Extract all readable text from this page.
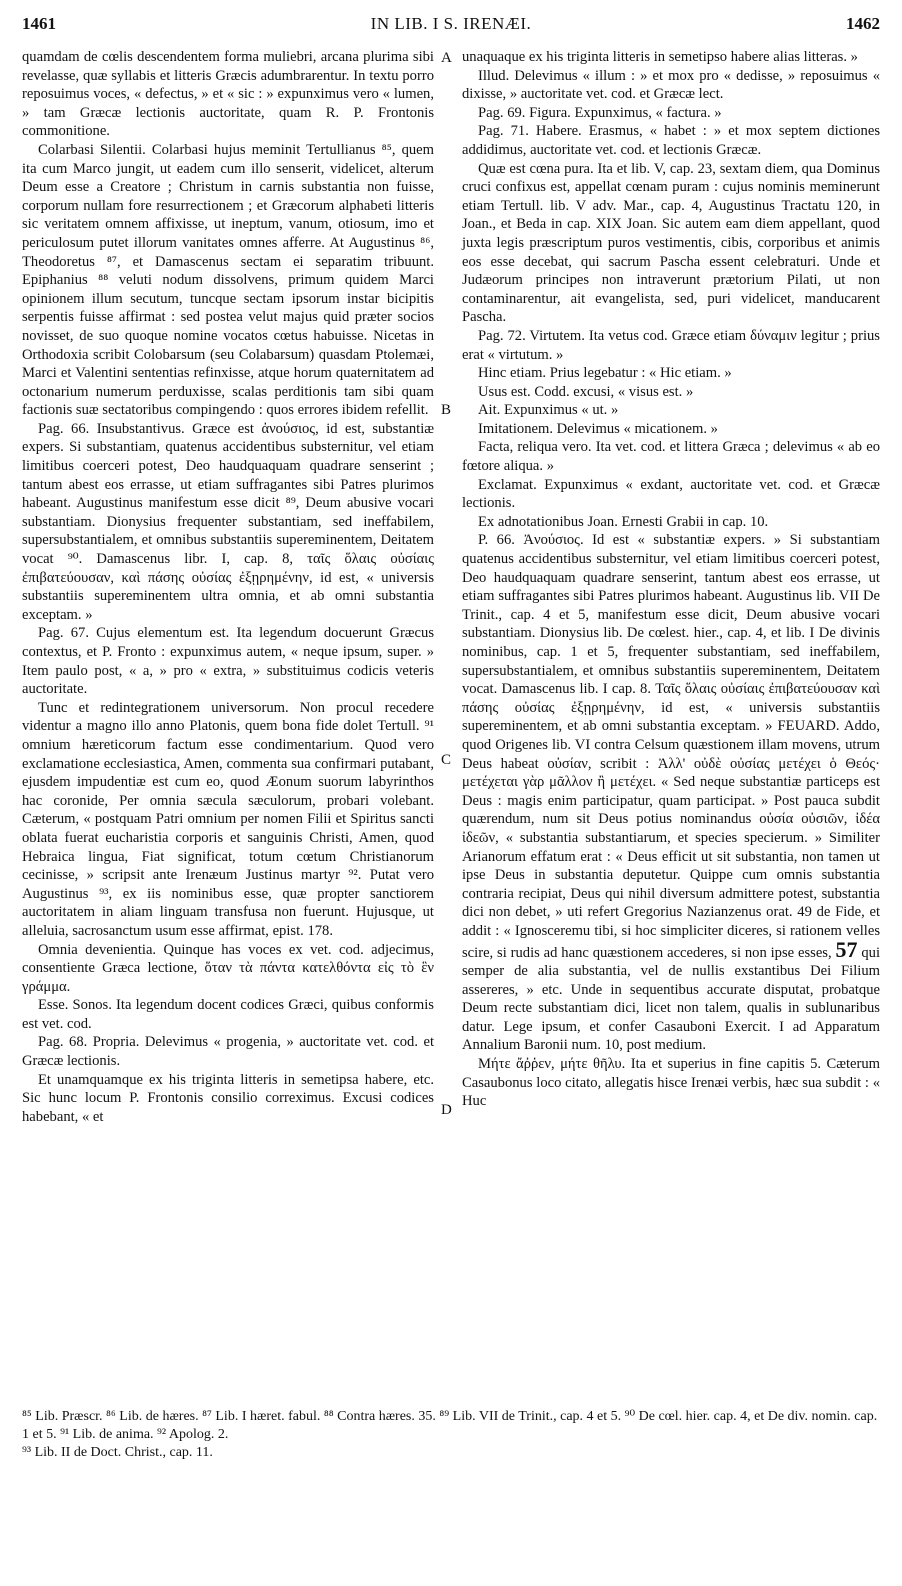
1461	IN LIB. I S. IRENÆI.	1462
A
B
C
D

quamdam de cœlis descendentem forma muliebri, arcana plurima sibi revelasse, quæ syllabis et litteris Græcis adumbrarentur. In textu porro reposuimus voces, « defectus, » et « sic : » expunximus vero « lumen, » tam Græcæ lectionis auctoritate, quam R. P. Frontonis commonitione.

Colarbasi Silentii. Colarbasi hujus meminit Tertullianus ⁸⁵, quem ita cum Marco jungit, ut eadem cum illo senserit, videlicet, alterum Deum esse a Creatore ; Christum in carnis substantia non fuisse, corporum nullam fore resurrectionem ; et Græcorum alphabeti litteris sic veritatem omnem affixisse, ut ineptum, vanum, otiosum, imo et periculosum putet illorum vanitates omnes afferre. At Augustinus ⁸⁶, Theodoretus ⁸⁷, et Damascenus sectam ei separatim tribuunt. Epiphanius ⁸⁸ veluti nodum dissolvens, primum quidem Marci opinionem illum secutum, tuncque sectam ipsorum instar bicipitis serpentis fuisse affirmat : sed postea velut majus quid præter socios novisset, de suo quoque nomine vocatos cœtus habuisse. Nicetas in Orthodoxia scribit Colobarsum (seu Colabarsum) quasdam Ptolemæi, Marci et Valentini sententias refinxisse, atque horum quaternitatem ad octonarium numerum perduxisse, scalas perditionis tam sibi quam factionis suæ sectatoribus compingendo : quos errores ibidem refellit.

Pag. 66. Insubstantivus. Græce est ἀνούσιος, id est, substantiæ expers. Si substantiam, quatenus accidentibus substernitur, vel etiam limitibus coerceri potest, Deo haudquaquam quadrare senserint ; tantum abest eos errasse, ut etiam suffragantes sibi Patres plurimos habeant. Augustinus manifestum esse dicit ⁸⁹, Deum abusive vocari substantiam. Dionysius frequenter substantiam, sed ineffabilem, supersubstantialem, et omnibus substantiis supereminentem, Deitatem vocat ⁹⁰. Damascenus libr. I, cap. 8, ταῖς ὅλαις οὐσίαις ἐπιβατεύουσαν, καὶ πάσης οὐσίας ἐξῃρημένην, id est, « universis substantiis supereminentem ultra omnia, et ab omni substantia exceptam. »

Pag. 67. Cujus elementum est. Ita legendum docuerunt Græcus contextus, et P. Fronto : expunximus autem, « neque ipsum, super. » Item paulo post, « a, » pro « extra, » substituimus codicis veteris auctoritate.

Tunc et redintegrationem universorum. Non procul recedere videntur a magno illo anno Platonis, quem bona fide dolet Tertull. ⁹¹ omnium hæreticorum factum esse condimentarium. Quod vero exclamatione ecclesiastica, Amen, commenta sua confirmari putabant, ejusdem impudentiæ est cum eo, quod Æonum suorum labyrinthos hac coronide, Per omnia sæcula sæculorum, probari volebant. Cæterum, « postquam Patri omnium per nomen Filii et Spiritus sancti oblata fuerat eucharistia corporis et sanguinis Christi, Amen, quod Hebraica lingua, Fiat significat, totum cœtum Christianorum cecinisse, » scripsit ante Irenæum Justinus martyr ⁹². Putat vero Augustinus ⁹³, ex iis nominibus esse, quæ propter sanctiorem auctoritatem in aliam linguam transfusa non fuerunt. Hujusque, ut alleluia, sacrosanctum usum esse affirmat, epist. 178.

Omnia devenientia. Quinque has voces ex vet. cod. adjecimus, consentiente Græca lectione, ὅταν τὰ πάντα κατελθόντα εἰς τὸ ἓν γράμμα.

Esse. Sonos. Ita legendum docent codices Græci, quibus conformis est vet. cod.

Pag. 68. Propria. Delevimus « progenia, » auctoritate vet. cod. et Græcæ lectionis.

Et unamquamque ex his triginta litteris in semetipsa habere, etc. Sic hunc locum P. Frontonis consilio correximus. Excusi codices habebant, « et

unaquaque ex his triginta litteris in semetipso habere alias litteras. »

Illud. Delevimus « illum : » et mox pro « dedisse, » reposuimus « dixisse, » auctoritate vet. cod. et Græcæ lect.

Pag. 69. Figura. Expunximus, « factura. »

Pag. 71. Habere. Erasmus, « habet : » et mox septem dictiones addidimus, auctoritate vet. cod. et lectionis Græcæ.

Quæ est cœna pura. Ita et lib. V, cap. 23, sextam diem, qua Dominus cruci confixus est, appellat cœnam puram : cujus nominis meminerunt etiam Tertull. lib. V adv. Mar., cap. 4, Augustinus Tractatu 120, in Joan., et Beda in cap. XIX Joan. Sic autem eam diem appellant, quod juxta legis præscriptum puros vestimentis, cibis, corporibus et animis eos esse decebat, qui sacrum Pascha essent celebraturi. Unde et Judæorum principes non intraverunt prætorium Pilati, ut non contaminarentur, ait evangelista, sed, puri videlicet, manducarent Pascha.

Pag. 72. Virtutem. Ita vetus cod. Græce etiam δύναμιν legitur ; prius erat « virtutum. »

Hinc etiam. Prius legebatur : « Hic etiam. »

Usus est. Codd. excusi, « visus est. »

Ait. Expunximus « ut. »

Imitationem. Delevimus « micationem. »

Facta, reliqua vero. Ita vet. cod. et littera Græca ; delevimus « ab eo fœtore aliqua. »

Exclamat. Expunximus « exdant, auctoritate vet. cod. et Græcæ lectionis.

Ex adnotationibus Joan. Ernesti Grabii in cap. 10.

P. 66. Ἀνούσιος. Id est « substantiæ expers. » Si substantiam quatenus accidentibus substernitur, vel etiam limitibus coerceri potest, Deo haudquaquam quadrare senserint, tantum abest eos errasse, ut etiam suffragantes sibi Patres plurimos habeant. Augustinus lib. VII De Trinit., cap. 4 et 5, manifestum esse dicit, Deum abusive vocari substantiam. Dionysius lib. De cœlest. hier., cap. 4, et lib. I De divinis nominibus, cap. 1 et 5, frequenter substantiam, sed ineffabilem, supersubstantialem, et omnibus substantiis supereminentem, Deitatem vocat. Damascenus lib. I cap. 8. Ταῖς ὅλαις οὐσίαις ἐπιβατεύουσαν καὶ πάσης οὐσίας ἐξῃρημένην, id est, « universis substantiis supereminentem, et ab omni substantia exceptam. » FEUARD. Addo, quod Origenes lib. VI contra Celsum quæstionem illam movens, utrum Deus habeat οὐσίαν, scribit : Ἀλλ' οὐδὲ οὐσίας μετέχει ὁ Θεός· μετέχεται γὰρ μᾶλλον ἢ μετέχει. « Sed neque substantiæ particeps est Deus : magis enim participatur, quam participat. » Post pauca subdit quærendum, num sit Deus potius nominandus οὐσία οὐσιῶν, ἰδέα ἰδεῶν, « substantia substantiarum, et species specierum. » Similiter Arianorum effatum erat : « Deus efficit ut sit substantia, non tamen ut ipse Deus in substantia deputetur. Quippe cum omnis substantia contraria recipiat, Deus qui nihil diversum admittere potest, substantia dici non debet, » uti refert Gregorius Nazianzenus orat. 49 de Fide, et addit : « Ignosceremu tibi, si hoc simpliciter diceres, si rationem velles scire, si rudis ad hanc quæstionem accederes, si non ipse esses, 57 qui semper de alia substantia, vel de nullis exstantibus Dei Filium assereres, » etc. Unde in sequentibus accurate disputat, probatque Deum recte substantiam dici, licet non talem, qualis in sublunaribus datur. Lege ipsum, et confer Casauboni Exercit. I ad Apparatum Annalium Baronii num. 10, post medium.

Μήτε ἄῤῥεν, μήτε θῆλυ. Ita et superius in fine capitis 5. Cæterum Casaubonus loco citato, allegatis hisce Irenæi verbis, hæc sua subdit : « Huc

⁸⁵ Lib. Præscr. ⁸⁶ Lib. de hæres. ⁸⁷ Lib. I hæret. fabul. ⁸⁸ Contra hæres. 35. ⁸⁹ Lib. VII de Trinit., cap. 4 et 5. ⁹⁰ De cœl. hier. cap. 4, et De div. nomin. cap. 1 et 5. ⁹¹ Lib. de anima. ⁹² Apolog. 2.

⁹³ Lib. II de Doct. Christ., cap. 11.
